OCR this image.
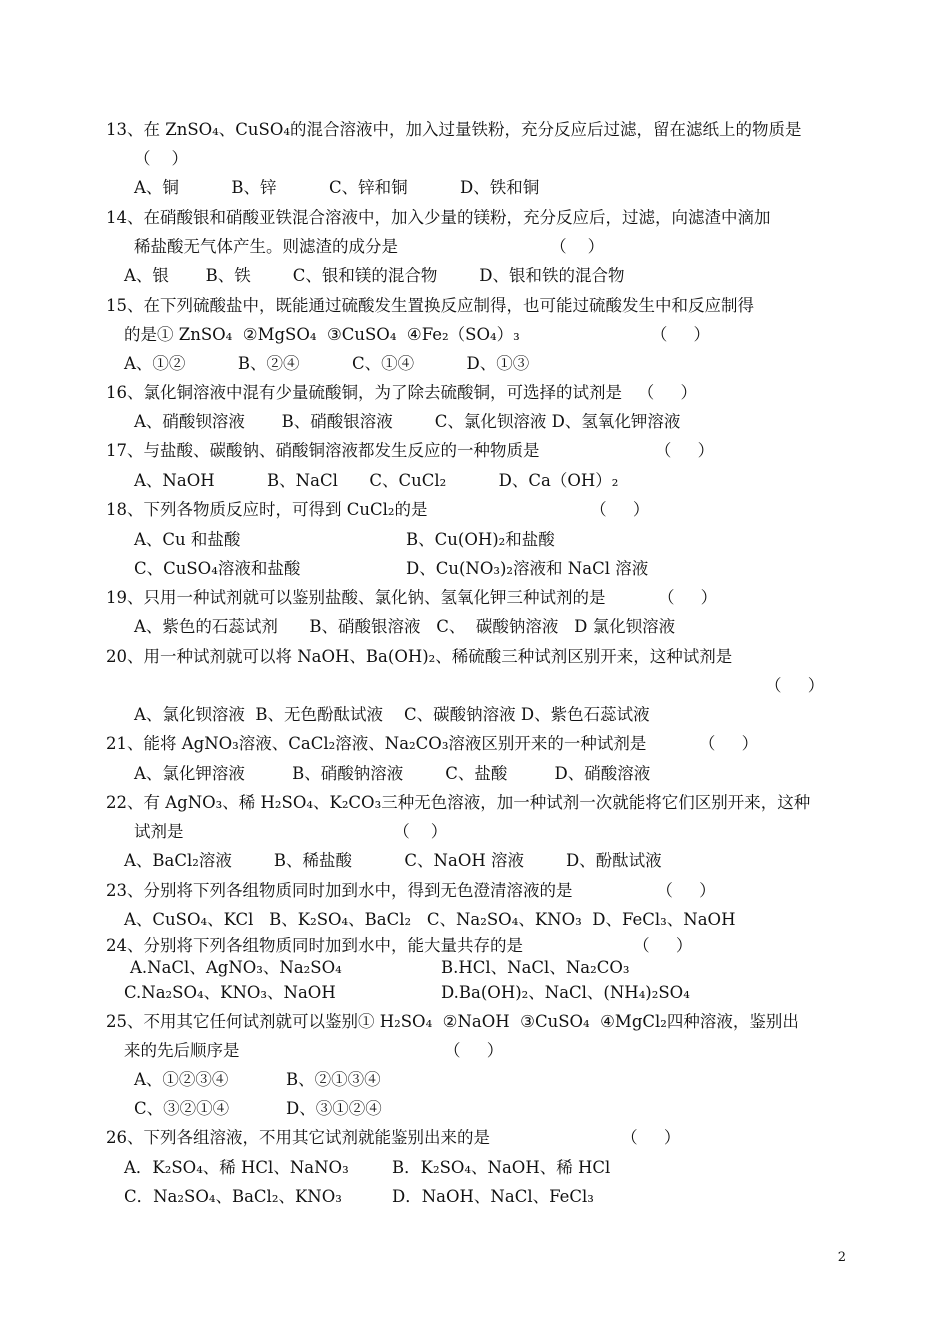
13、在 ZnSO₄、CuSO₄的混合溶液中，加入过量铁粉，充分反应后过滤，留在滤纸上的物质是
（    ）
A、铜          B、锌          C、锌和铜          D、铁和铜
14、在硝酸银和硝酸亚铁混合溶液中，加入少量的镁粉，充分反应后，过滤，向滤渣中滴加
稀盐酸无气体产生。则滤渣的成分是                             （    ）
A、银       B、铁        C、银和镁的混合物        D、银和铁的混合物
15、在下列硫酸盐中，既能通过硫酸发生置换反应制得，也可能过硫酸发生中和反应制得
的是① ZnSO₄  ②MgSO₄  ③CuSO₄  ④Fe₂（SO₄）₃                         （     ）
A、①②          B、②④          C、①④          D、①③
16、氯化铜溶液中混有少量硫酸铜，为了除去硫酸铜，可选择的试剂是   （     ）
A、硝酸钡溶液       B、硝酸银溶液        C、氯化钡溶液 D、氢氧化钾溶液
17、与盐酸、碳酸钠、硝酸铜溶液都发生反应的一种物质是                      （     ）
A、NaOH          B、NaCl      C、CuCl₂          D、Ca（OH）₂
18、下列各物质反应时，可得到 CuCl₂的是                               （     ）
A、Cu 和盐酸	B、Cu(OH)₂和盐酸
C、CuSO₄溶液和盐酸	D、Cu(NO₃)₂溶液和 NaCl 溶液
19、只用一种试剂就可以鉴别盐酸、氯化钠、氢氧化钾三种试剂的是          （     ）
A、紫色的石蕊试剂      B、硝酸银溶液   C、  碳酸钠溶液   D 氯化钡溶液
20、用一种试剂就可以将 NaOH、Ba(OH)₂、稀硫酸三种试剂区别开来，这种试剂是
（     ）
A、氯化钡溶液  B、无色酚酞试液    C、碳酸钠溶液 D、紫色石蕊试液
21、能将 AgNO₃溶液、CaCl₂溶液、Na₂CO₃溶液区别开来的一种试剂是          （     ）
A、氯化钾溶液         B、硝酸钠溶液        C、盐酸         D、硝酸溶液
22、有 AgNO₃、稀 H₂SO₄、K₂CO₃三种无色溶液，加一种试剂一次就能将它们区别开来，这种
试剂是                                        （    ）
A、BaCl₂溶液        B、稀盐酸          C、NaOH 溶液        D、酚酞试液
23、分别将下列各组物质同时加到水中，得到无色澄清溶液的是                （     ）
A、CuSO₄、KCl   B、K₂SO₄、BaCl₂   C、Na₂SO₄、KNO₃  D、FeCl₃、NaOH
24、分别将下列各组物质同时加到水中，能大量共存的是                     （     ）
A.NaCl、AgNO₃、Na₂SO₄	B.HCl、NaCl、Na₂CO₃
C.Na₂SO₄、KNO₃、NaOH	D.Ba(OH)₂、NaCl、(NH₄)₂SO₄
25、不用其它任何试剂就可以鉴别① H₂SO₄  ②NaOH  ③CuSO₄  ④MgCl₂四种溶液，鉴别出
来的先后顺序是                                       （     ）
A、①②③④	B、②①③④
C、③②①④	D、③①②④
26、下列各组溶液，不用其它试剂就能鉴别出来的是                         （     ）
A．K₂SO₄、稀 HCl、NaNO₃	B．K₂SO₄、NaOH、稀 HCl
C．Na₂SO₄、BaCl₂、KNO₃	D．NaOH、NaCl、FeCl₃
2
